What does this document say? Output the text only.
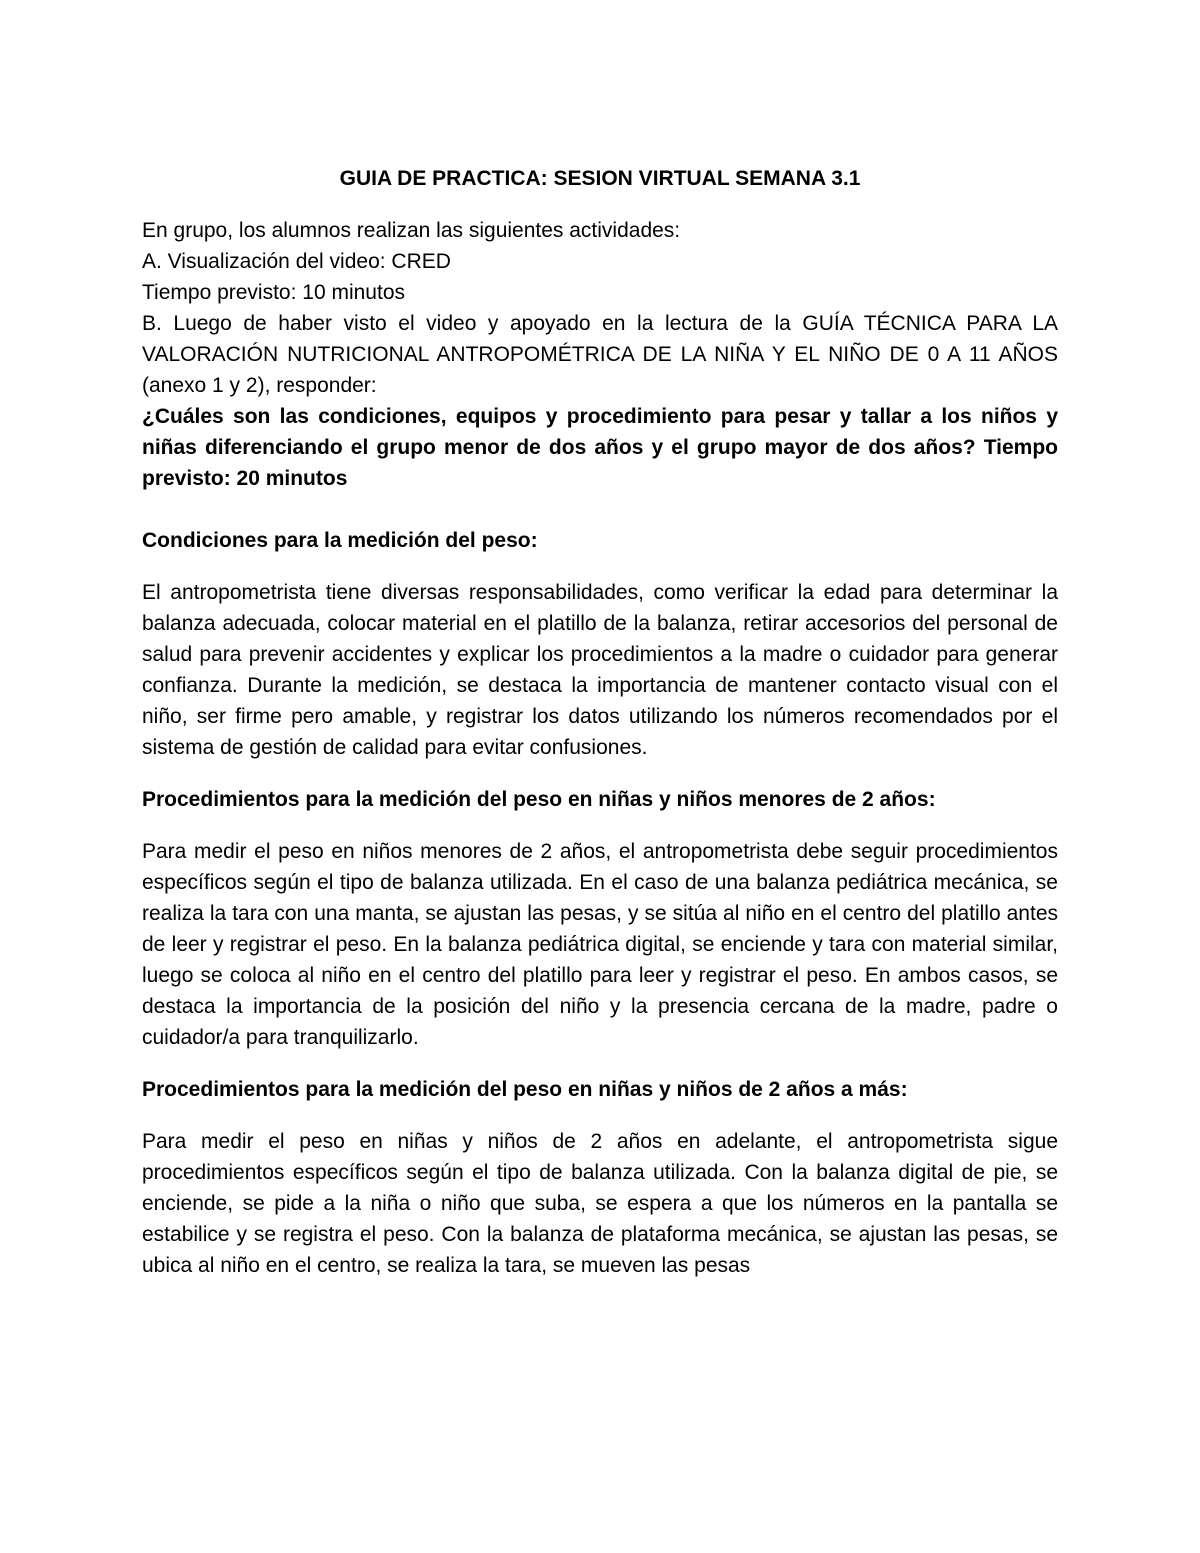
GUIA DE PRACTICA: SESION VIRTUAL SEMANA 3.1

En grupo, los alumnos realizan las siguientes actividades:

A. Visualización del video: CRED

Tiempo previsto: 10 minutos

B. Luego de haber visto el video y apoyado en la lectura de la GUÍA TÉCNICA PARA LA VALORACIÓN NUTRICIONAL ANTROPOMÉTRICA DE LA NIÑA Y EL NIÑO DE 0 A 11 AÑOS (anexo 1 y 2), responder:

¿Cuáles son las condiciones, equipos y procedimiento para pesar y tallar a los niños y niñas diferenciando el grupo menor de dos años y el grupo mayor de dos años? Tiempo previsto: 20 minutos

Condiciones para la medición del peso:

El antropometrista tiene diversas responsabilidades, como verificar la edad para determinar la balanza adecuada, colocar material en el platillo de la balanza, retirar accesorios del personal de salud para prevenir accidentes y explicar los procedimientos a la madre o cuidador para generar confianza. Durante la medición, se destaca la importancia de mantener contacto visual con el niño, ser firme pero amable, y registrar los datos utilizando los números recomendados por el sistema de gestión de calidad para evitar confusiones.

Procedimientos para la medición del peso en niñas y niños menores de 2 años:

Para medir el peso en niños menores de 2 años, el antropometrista debe seguir procedimientos específicos según el tipo de balanza utilizada. En el caso de una balanza pediátrica mecánica, se realiza la tara con una manta, se ajustan las pesas, y se sitúa al niño en el centro del platillo antes de leer y registrar el peso. En la balanza pediátrica digital, se enciende y tara con material similar, luego se coloca al niño en el centro del platillo para leer y registrar el peso. En ambos casos, se destaca la importancia de la posición del niño y la presencia cercana de la madre, padre o cuidador/a para tranquilizarlo.

Procedimientos para la medición del peso en niñas y niños de 2 años a más:

Para medir el peso en niñas y niños de 2 años en adelante, el antropometrista sigue procedimientos específicos según el tipo de balanza utilizada. Con la balanza digital de pie, se enciende, se pide a la niña o niño que suba, se espera a que los números en la pantalla se estabilice y se registra el peso. Con la balanza de plataforma mecánica, se ajustan las pesas, se ubica al niño en el centro, se realiza la tara, se mueven las pesas
